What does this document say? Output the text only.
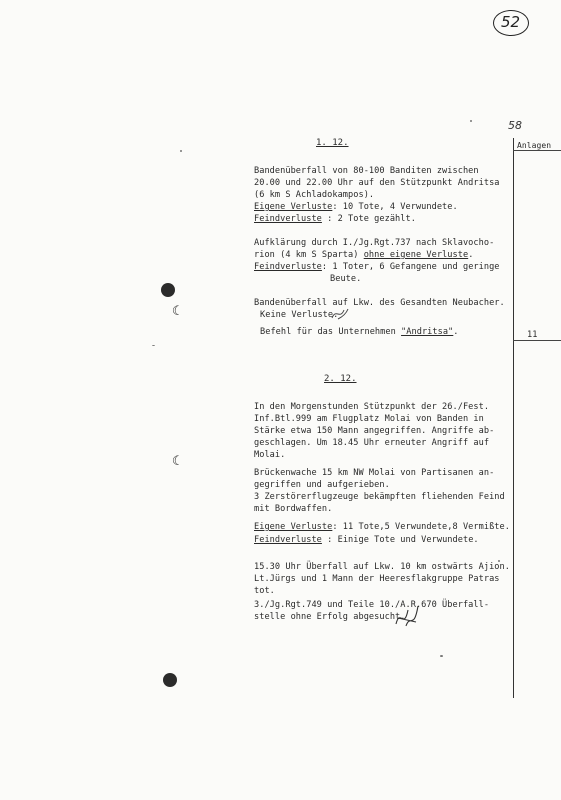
52
58
Anlagen
11
☾
☾
1. 12.
Bandenüberfall von 80-100 Banditen zwischen
20.00 und 22.00 Uhr auf den Stützpunkt Andritsa
(6 km S Achladokampos).
Eigene Verluste: 10 Tote, 4 Verwundete.
Feindverluste : 2 Tote gezählt.
Aufklärung durch I./Jg.Rgt.737 nach Sklavocho-
rion (4 km S Sparta) ohne eigene Verluste.
Feindverluste: 1 Toter, 6 Gefangene und geringe
Beute.
Bandenüberfall auf Lkw. des Gesandten Neubacher.
Keine Verluste.
Befehl für das Unternehmen "Andritsa".
2. 12.
In den Morgenstunden Stützpunkt der 26./Fest.
Inf.Btl.999 am Flugplatz Molai von Banden in
Stärke etwa 150 Mann angegriffen. Angriffe ab-
geschlagen. Um 18.45 Uhr erneuter Angriff auf
Molai.
Brückenwache 15 km NW Molai von Partisanen an-
gegriffen und aufgerieben.
3 Zerstörerflugzeuge bekämpften fliehenden Feind
mit Bordwaffen.
Eigene Verluste: 11 Tote,5 Verwundete,8 Vermißte.
Feindverluste : Einige Tote und Verwundete.
15.30 Uhr Überfall auf Lkw. 10 km ostwärts Ajion.
Lt.Jürgs und 1 Mann der Heeresflakgruppe Patras
tot.
3./Jg.Rgt.749 und Teile 10./A.R.670 Überfall-
stelle ohne Erfolg abgesucht.
